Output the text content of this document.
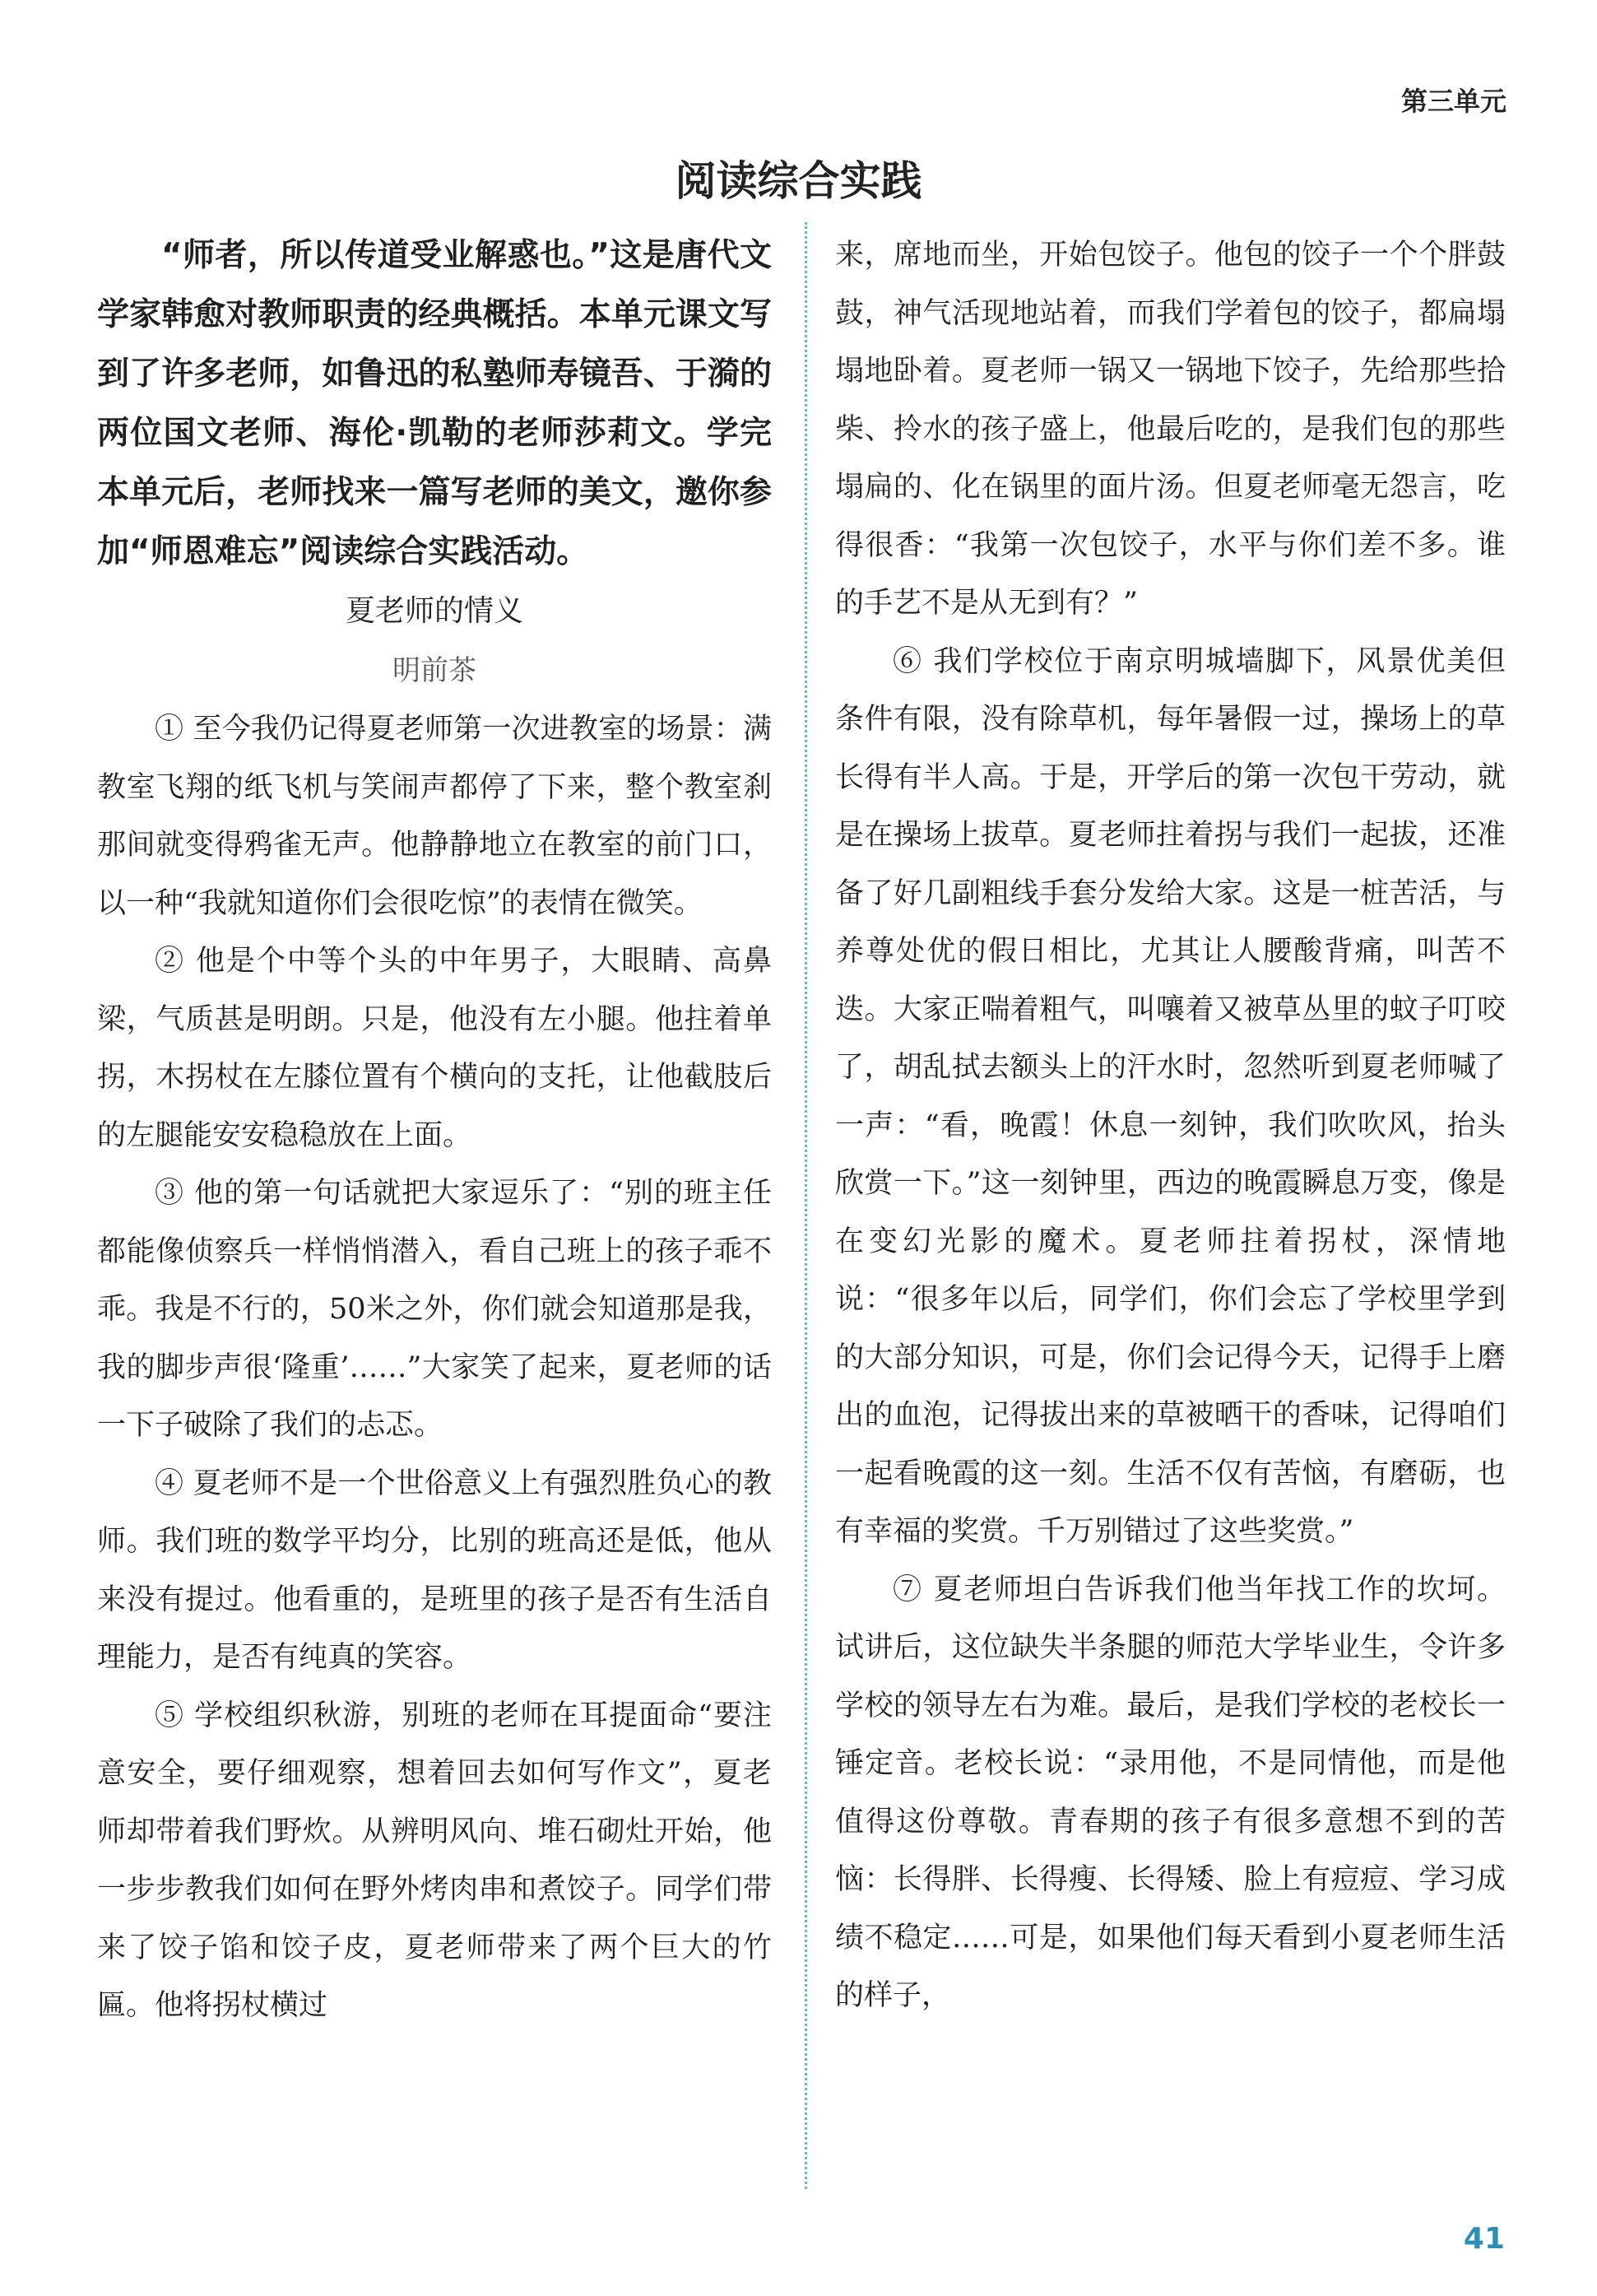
第三单元
阅读综合实践

“师者，所以传道受业解惑也。”这是唐代文学家韩愈对教师职责的经典概括。本单元课文写到了许多老师，如鲁迅的私塾师寿镜吾、于漪的两位国文老师、海伦·凯勒的老师莎莉文。学完本单元后，老师找来一篇写老师的美文，邀你参加“师恩难忘”阅读综合实践活动。

夏老师的情义

明前茶

① 至今我仍记得夏老师第一次进教室的场景：满教室飞翔的纸飞机与笑闹声都停了下来，整个教室刹那间就变得鸦雀无声。他静静地立在教室的前门口，以一种“我就知道你们会很吃惊”的表情在微笑。

② 他是个中等个头的中年男子，大眼睛、高鼻梁，气质甚是明朗。只是，他没有左小腿。他拄着单拐，木拐杖在左膝位置有个横向的支托，让他截肢后的左腿能安安稳稳放在上面。

③ 他的第一句话就把大家逗乐了：“别的班主任都能像侦察兵一样悄悄潜入，看自己班上的孩子乖不乖。我是不行的，50米之外，你们就会知道那是我，我的脚步声很‘隆重’……”大家笑了起来，夏老师的话一下子破除了我们的忐忑。

④ 夏老师不是一个世俗意义上有强烈胜负心的教师。我们班的数学平均分，比别的班高还是低，他从来没有提过。他看重的，是班里的孩子是否有生活自理能力，是否有纯真的笑容。

⑤ 学校组织秋游，别班的老师在耳提面命“要注意安全，要仔细观察，想着回去如何写作文”，夏老师却带着我们野炊。从辨明风向、堆石砌灶开始，他一步步教我们如何在野外烤肉串和煮饺子。同学们带来了饺子馅和饺子皮，夏老师带来了两个巨大的竹匾。他将拐杖横过

来，席地而坐，开始包饺子。他包的饺子一个个胖鼓鼓，神气活现地站着，而我们学着包的饺子，都扁塌塌地卧着。夏老师一锅又一锅地下饺子，先给那些拾柴、拎水的孩子盛上，他最后吃的，是我们包的那些塌扁的、化在锅里的面片汤。但夏老师毫无怨言，吃得很香：“我第一次包饺子，水平与你们差不多。谁的手艺不是从无到有？”

⑥ 我们学校位于南京明城墙脚下，风景优美但条件有限，没有除草机，每年暑假一过，操场上的草长得有半人高。于是，开学后的第一次包干劳动，就是在操场上拔草。夏老师拄着拐与我们一起拔，还准备了好几副粗线手套分发给大家。这是一桩苦活，与养尊处优的假日相比，尤其让人腰酸背痛，叫苦不迭。大家正喘着粗气，叫嚷着又被草丛里的蚊子叮咬了，胡乱拭去额头上的汗水时，忽然听到夏老师喊了一声：“看，晚霞！休息一刻钟，我们吹吹风，抬头欣赏一下。”这一刻钟里，西边的晚霞瞬息万变，像是在变幻光影的魔术。夏老师拄着拐杖，深情地说：“很多年以后，同学们，你们会忘了学校里学到的大部分知识，可是，你们会记得今天，记得手上磨出的血泡，记得拔出来的草被晒干的香味，记得咱们一起看晚霞的这一刻。生活不仅有苦恼，有磨砺，也有幸福的奖赏。千万别错过了这些奖赏。”

⑦ 夏老师坦白告诉我们他当年找工作的坎坷。试讲后，这位缺失半条腿的师范大学毕业生，令许多学校的领导左右为难。最后，是我们学校的老校长一锤定音。老校长说：“录用他，不是同情他，而是他值得这份尊敬。青春期的孩子有很多意想不到的苦恼：长得胖、长得瘦、长得矮、脸上有痘痘、学习成绩不稳定……可是，如果他们每天看到小夏老师生活的样子，

41
